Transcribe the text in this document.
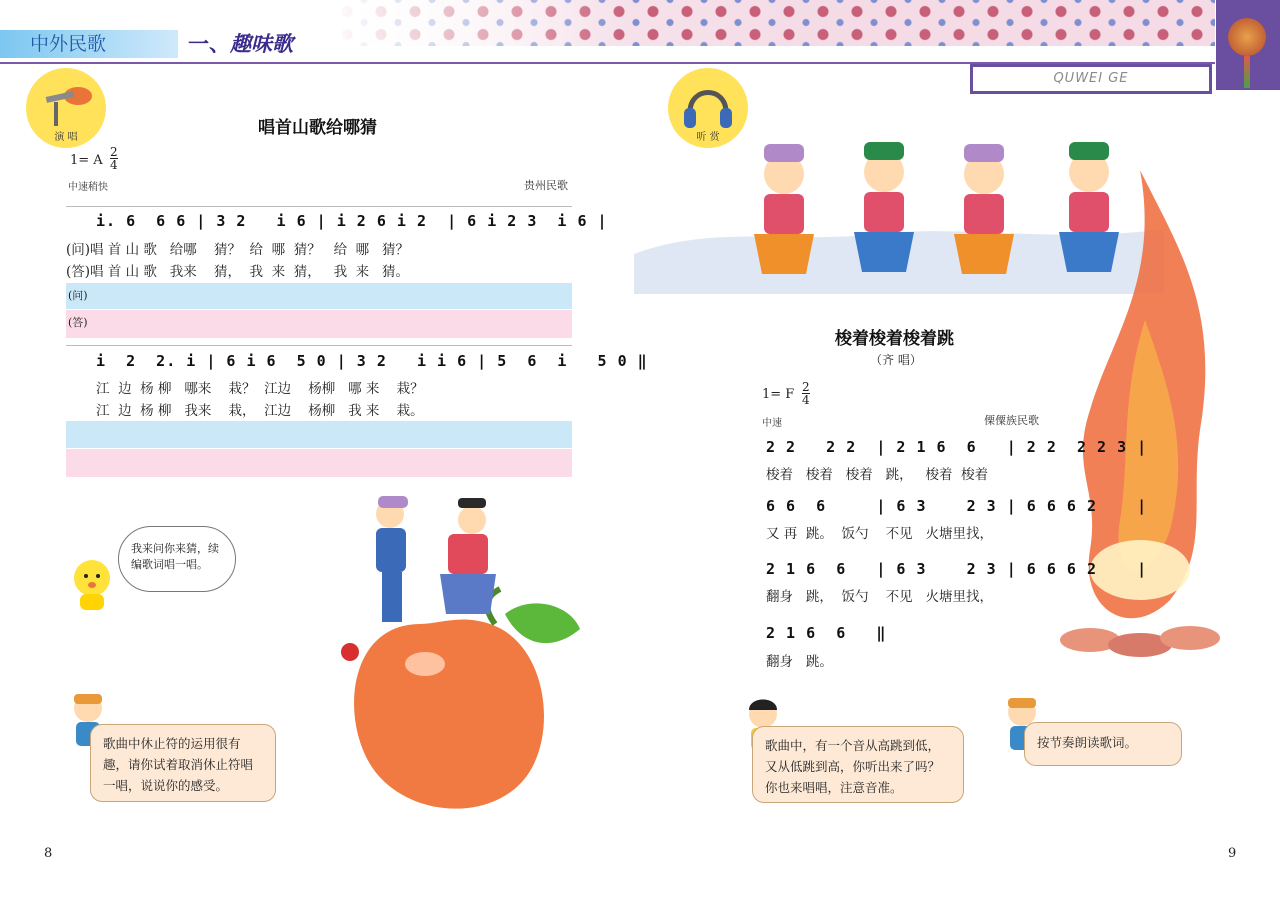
中外民歌	一、趣味歌
QUWEI GE
演 唱	唱首山歌给哪猜
1= A
2
4
中速稍快	贵州民歌
i. 6  6 6 | 3 2   i 6 | i 2 6 i 2  | 6 i 2 3  i 6 |
(问)唱 首 山 歌   给哪    猜？  给  哪  猜？   给  哪   猜？
(答)唱 首 山 歌   我来    猜，  我  来  猜，   我  来   猜。
(问)
(答)
i  2  2. i | 6 i 6  5 0 | 3 2   i i 6 | 5  6  i   5 0 ‖
江  边  杨 柳   哪来    栽？  江边    杨柳   哪 来    栽？
江  边  杨 柳   我来    栽，  江边    杨柳   我 来    栽。
我来问你来猜，续编歌词唱一唱。
歌曲中休止符的运用很有趣，请你试着取消休止符唱一唱，说说你的感受。
8
听 赏
梭着梭着梭着跳
（齐 唱）
1= F 2
4
中速	傈僳族民歌
2 2   2 2  | 2 1 6  6   | 2 2  2 2 3 |
梭着   梭着   梭着   跳，   梭着  梭着
6 6  6     | 6 3    2 3 | 6 6 6 2    |
又 再  跳。  饭勺    不见   火塘里找，
2 1 6  6   | 6 3    2 3 | 6 6 6 2    |
翻身   跳，  饭勺    不见   火塘里找，
2 1 6  6   ‖
翻身   跳。
歌曲中，有一个音从高跳到低，又从低跳到高，你听出来了吗？你也来唱唱，注意音准。
按节奏朗读歌词。
9
